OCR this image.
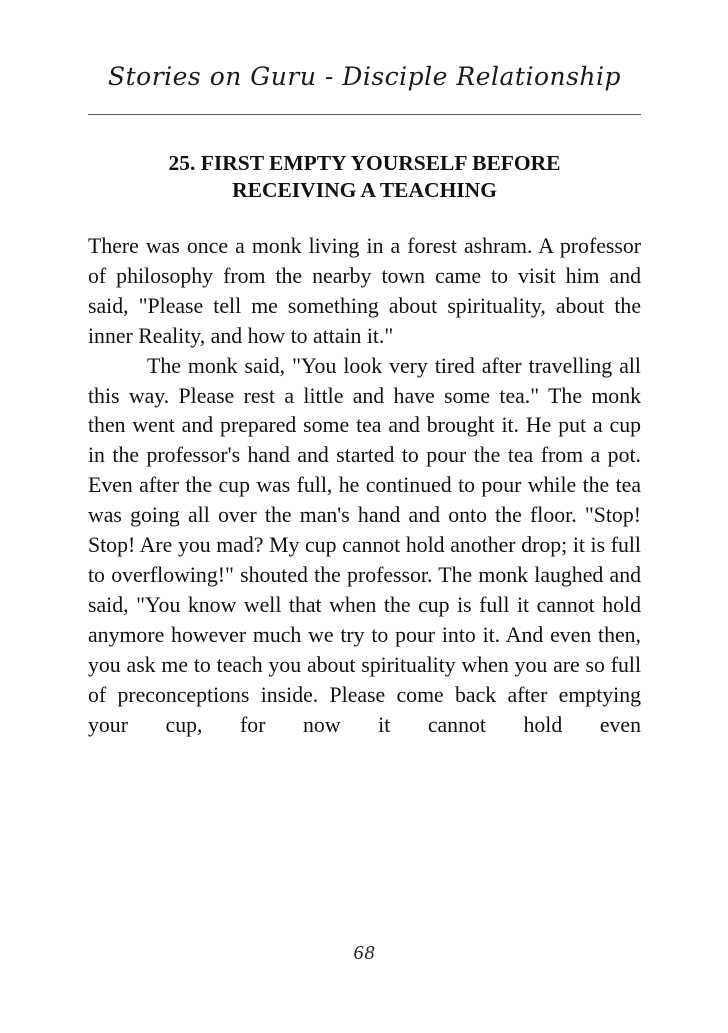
Stories on Guru - Disciple Relationship
25. FIRST EMPTY YOURSELF BEFORE
RECEIVING A TEACHING

There was once a monk living in a forest ashram. A professor of philosophy from the nearby town came to visit him and said, "Please tell me something about spirituality, about the inner Reality, and how to attain it."

The monk said, "You look very tired after travelling all this way. Please rest a little and have some tea." The monk then went and prepared some tea and brought it. He put a cup in the professor's hand and started to pour the tea from a pot. Even after the cup was full, he continued to pour while the tea was going all over the man's hand and onto the floor. "Stop! Stop! Are you mad? My cup cannot hold another drop; it is full to overflowing!" shouted the professor. The monk laughed and said, "You know well that when the cup is full it cannot hold anymore however much we try to pour into it. And even then, you ask me to teach you about spirituality when you are so full of preconceptions inside. Please come back after emptying your cup, for now it cannot hold even

68
